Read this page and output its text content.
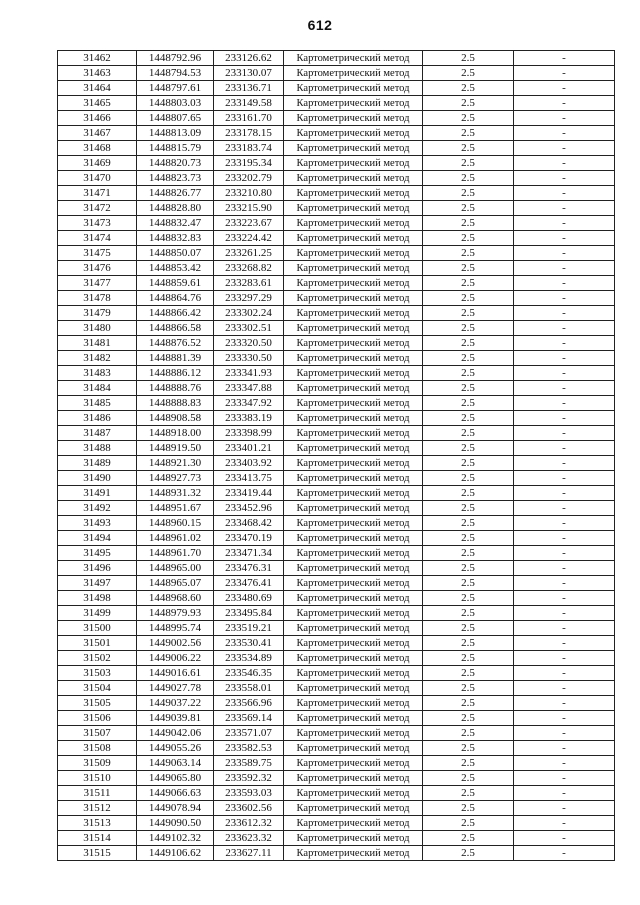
612
31462	1448792.96	233126.62	Картометрический метод	2.5	-
31463	1448794.53	233130.07	Картометрический метод	2.5	-
31464	1448797.61	233136.71	Картометрический метод	2.5	-
31465	1448803.03	233149.58	Картометрический метод	2.5	-
31466	1448807.65	233161.70	Картометрический метод	2.5	-
31467	1448813.09	233178.15	Картометрический метод	2.5	-
31468	1448815.79	233183.74	Картометрический метод	2.5	-
31469	1448820.73	233195.34	Картометрический метод	2.5	-
31470	1448823.73	233202.79	Картометрический метод	2.5	-
31471	1448826.77	233210.80	Картометрический метод	2.5	-
31472	1448828.80	233215.90	Картометрический метод	2.5	-
31473	1448832.47	233223.67	Картометрический метод	2.5	-
31474	1448832.83	233224.42	Картометрический метод	2.5	-
31475	1448850.07	233261.25	Картометрический метод	2.5	-
31476	1448853.42	233268.82	Картометрический метод	2.5	-
31477	1448859.61	233283.61	Картометрический метод	2.5	-
31478	1448864.76	233297.29	Картометрический метод	2.5	-
31479	1448866.42	233302.24	Картометрический метод	2.5	-
31480	1448866.58	233302.51	Картометрический метод	2.5	-
31481	1448876.52	233320.50	Картометрический метод	2.5	-
31482	1448881.39	233330.50	Картометрический метод	2.5	-
31483	1448886.12	233341.93	Картометрический метод	2.5	-
31484	1448888.76	233347.88	Картометрический метод	2.5	-
31485	1448888.83	233347.92	Картометрический метод	2.5	-
31486	1448908.58	233383.19	Картометрический метод	2.5	-
31487	1448918.00	233398.99	Картометрический метод	2.5	-
31488	1448919.50	233401.21	Картометрический метод	2.5	-
31489	1448921.30	233403.92	Картометрический метод	2.5	-
31490	1448927.73	233413.75	Картометрический метод	2.5	-
31491	1448931.32	233419.44	Картометрический метод	2.5	-
31492	1448951.67	233452.96	Картометрический метод	2.5	-
31493	1448960.15	233468.42	Картометрический метод	2.5	-
31494	1448961.02	233470.19	Картометрический метод	2.5	-
31495	1448961.70	233471.34	Картометрический метод	2.5	-
31496	1448965.00	233476.31	Картометрический метод	2.5	-
31497	1448965.07	233476.41	Картометрический метод	2.5	-
31498	1448968.60	233480.69	Картометрический метод	2.5	-
31499	1448979.93	233495.84	Картометрический метод	2.5	-
31500	1448995.74	233519.21	Картометрический метод	2.5	-
31501	1449002.56	233530.41	Картометрический метод	2.5	-
31502	1449006.22	233534.89	Картометрический метод	2.5	-
31503	1449016.61	233546.35	Картометрический метод	2.5	-
31504	1449027.78	233558.01	Картометрический метод	2.5	-
31505	1449037.22	233566.96	Картометрический метод	2.5	-
31506	1449039.81	233569.14	Картометрический метод	2.5	-
31507	1449042.06	233571.07	Картометрический метод	2.5	-
31508	1449055.26	233582.53	Картометрический метод	2.5	-
31509	1449063.14	233589.75	Картометрический метод	2.5	-
31510	1449065.80	233592.32	Картометрический метод	2.5	-
31511	1449066.63	233593.03	Картометрический метод	2.5	-
31512	1449078.94	233602.56	Картометрический метод	2.5	-
31513	1449090.50	233612.32	Картометрический метод	2.5	-
31514	1449102.32	233623.32	Картометрический метод	2.5	-
31515	1449106.62	233627.11	Картометрический метод	2.5	-
